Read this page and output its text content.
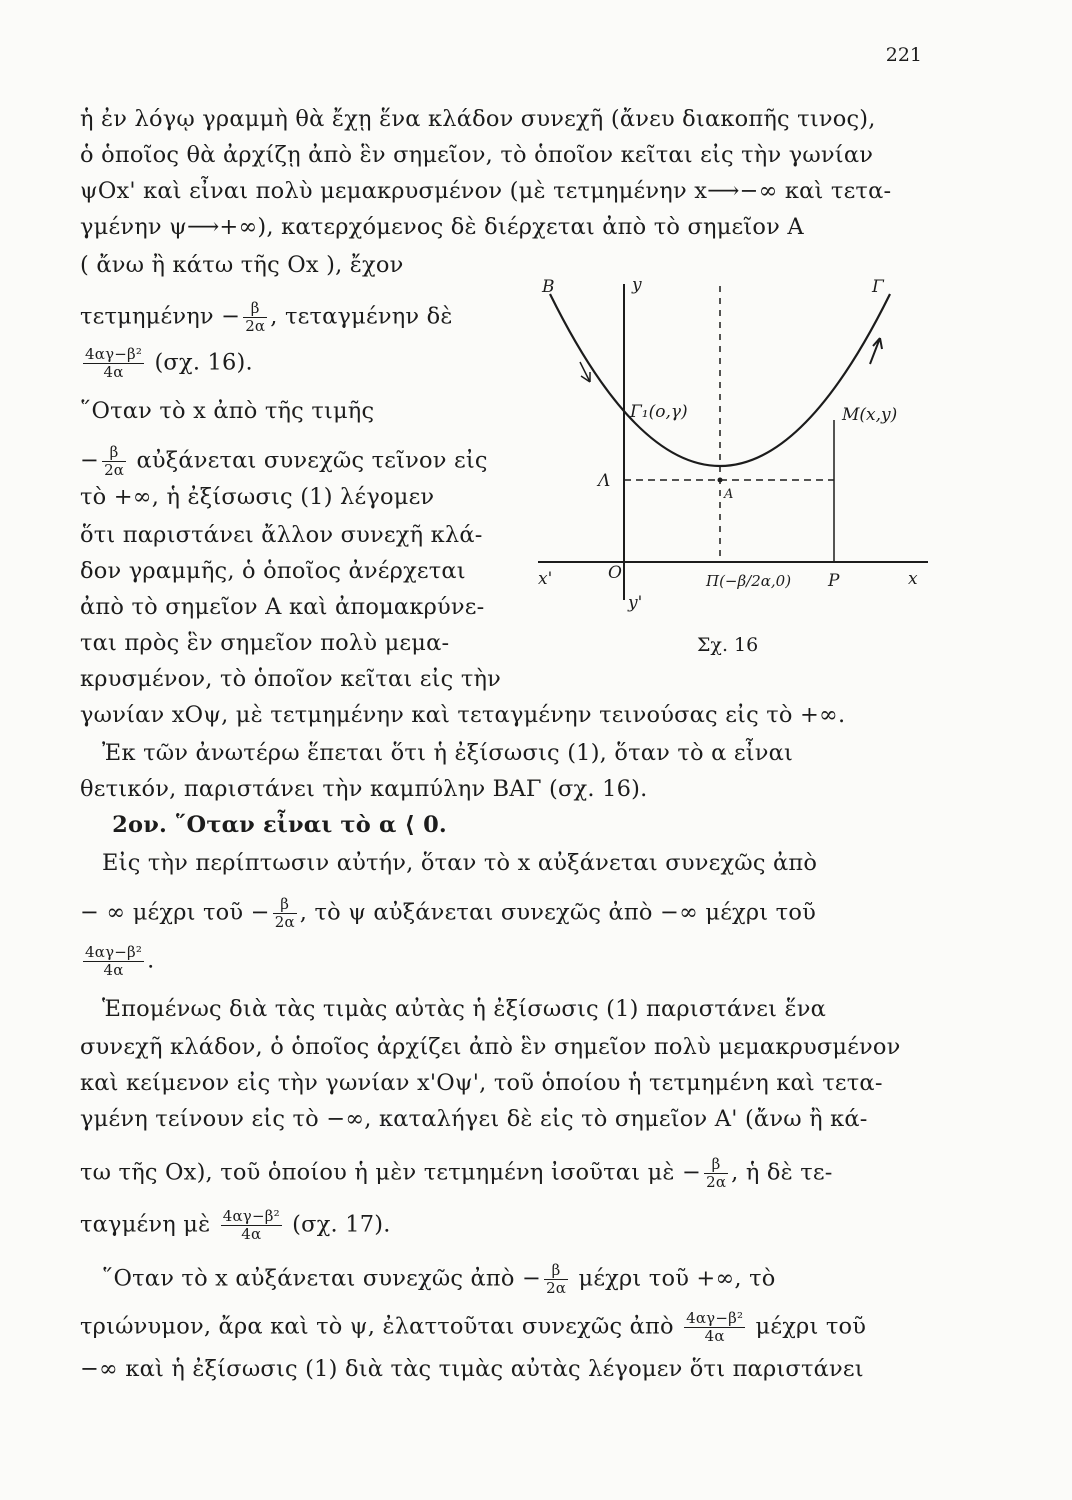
221
ἡ ἐν λόγῳ γραμμὴ θὰ ἔχῃ ἕνα κλάδον συνεχῆ (ἄνευ διακοπῆς τινος),
ὁ ὁποῖος θὰ ἀρχίζῃ ἀπὸ ἓν σημεῖον, τὸ ὁποῖον κεῖται εἰς τὴν γωνίαν
ψOx' καὶ εἶναι πολὺ μεμακρυσμένον (μὲ τετμημένην x⟶−∞ καὶ τετα-
γμένην ψ⟶+∞), κατερχόμενος δὲ διέρχεται ἀπὸ τὸ σημεῖον A
( ἄνω ἢ κάτω τῆς Ox ), ἔχον
$\tau\varepsilon\tau\mu\eta\mu έ\nu\eta\nu - \frac{\beta}{2\alpha}$ , τεταγμένην δὲ
$\frac{\text{4αγ−β²}}{4\alpha} (\sigma\chi$. 16).
῞Οταν τὸ x ἀπὸ τῆς τιμῆς
− $\frac{\beta}{2\alpha}$ αὐξάνεται συνεχῶς τεῖνον εἰς
τὸ +∞, ἡ ἐξίσωσις (1) λέγομεν
ὅτι παριστάνει ἄλλον συνεχῆ κλά-
δον γραμμῆς, ὁ ὁποῖος ἀνέρχεται
ἀπὸ τὸ σημεῖον A καὶ ἀπομακρύνε-
ται πρὸς ἓν σημεῖον πολὺ μεμα-
κρυσμένον, τὸ ὁποῖον κεῖται εἰς τὴν
γωνίαν xOψ, μὲ τετμημένην καὶ τεταγμένην τεινούσας εἰς τὸ +∞.
Ἐκ τῶν ἀνωτέρω ἕπεται ὅτι ἡ ἐξίσωσις (1), ὅταν τὸ α εἶναι
θετικόν, παριστάνει τὴν καμπύλην ΒΑΓ (σχ. 16).
2ον. ῞Οταν εἶναι τὸ α ⟨ 0.
Εἰς τὴν περίπτωσιν αὐτήν, ὅταν τὸ x αὐξάνεται συνεχῶς ἀπὸ
− ∞ μέχρι τοῦ − $\frac{\beta}{2\alpha}$ , τὸ ψ αὐξάνεται συνεχῶς ἀπὸ −∞ μέχρι τοῦ
$\frac{\text{4αγ−β²}}{4\alpha}$ .
Ἑπομένως διὰ τὰς τιμὰς αὐτὰς ἡ ἐξίσωσις (1) παριστάνει ἕνα
συνεχῆ κλάδον, ὁ ὁποῖος ἀρχίζει ἀπὸ ἓν σημεῖον πολὺ μεμακρυσμένον
καὶ κείμενον εἰς τὴν γωνίαν x'Oψ', τοῦ ὁποίου ἡ τετμημένη καὶ τετα-
γμένη τείνουν εἰς τὸ −∞, καταλήγει δὲ εἰς τὸ σημεῖον A' (ἄνω ἢ κά-
τω τῆς Ox), τοῦ ὁποίου ἡ μὲν τετμημένη ἰσοῦται μὲ − $\frac{\beta}{2\alpha}$ , ἡ δὲ τε-
ταγμένη μὲ $\frac{\text{4αγ−β²}}{4\alpha} (\sigma\chi$. 17).
῞Οταν τὸ x αὐξάνεται συνεχῶς ἀπὸ − $\frac{\beta}{2\alpha}$ μέχρι τοῦ +∞, τὸ
τριώνυμον, ἄρα καὶ τὸ ψ, ἐλαττοῦται συνεχῶς ἀπὸ $\frac{\text{4αγ−β²}}{4\alpha}$ μέχρι τοῦ
−∞ καὶ ἡ ἐξίσωσις (1) διὰ τὰς τιμὰς αὐτὰς λέγομεν ὅτι παριστάνει
B	y	Γ
Γ₁(o,γ)	M(x,y)
Λ
A
x'	O	Π(−β/2α,0) P	x
y'
Σχ. 16
